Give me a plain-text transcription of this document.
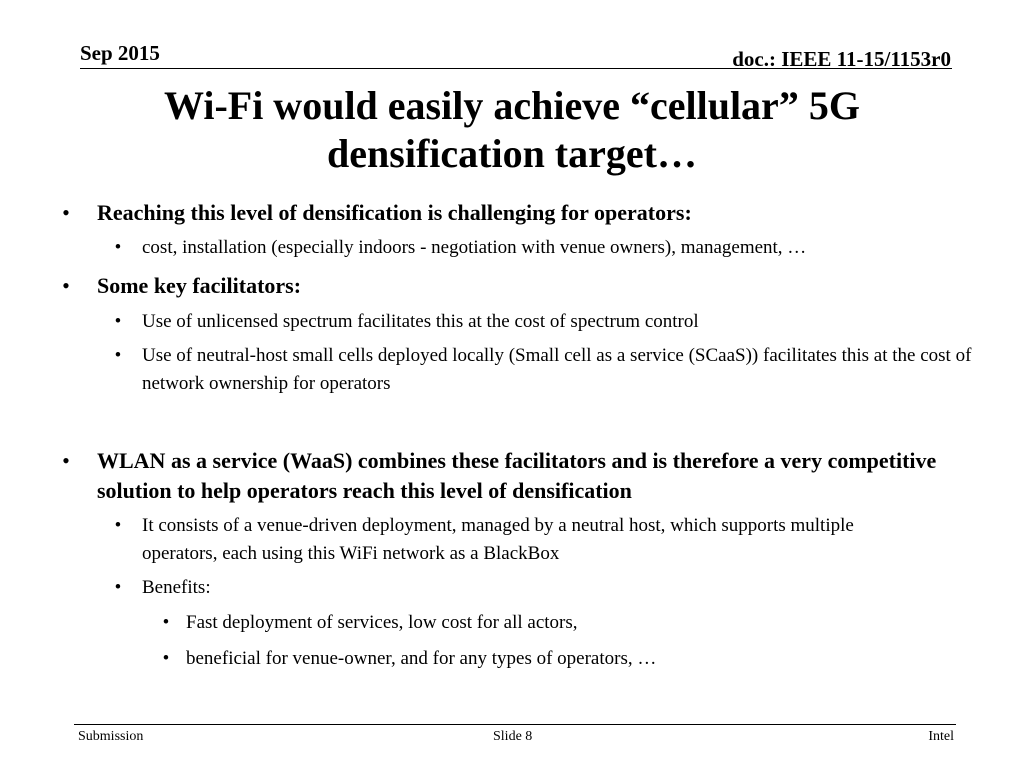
Sep 2015	doc.: IEEE 11-15/1153r0
Wi-Fi would easily achieve “cellular” 5G densification target…
• Reaching this level of densification is challenging for operators:
• cost, installation (especially indoors - negotiation with venue owners), management, …
• Some key facilitators:
• Use of unlicensed spectrum facilitates this at the cost of spectrum control
• Use of neutral-host small cells deployed locally (Small cell as a service (SCaaS)) facilitates this at the cost of network ownership for operators
• WLAN as a service (WaaS) combines these facilitators and is therefore a very competitive solution to help operators reach this level of densification
• It consists of a venue-driven deployment, managed by a neutral host, which supports multiple operators, each using this WiFi network as a BlackBox
• Benefits:
• Fast deployment of services, low cost for all actors,
• beneficial for venue-owner, and for any types of operators, …
Submission	Slide 8	Intel
